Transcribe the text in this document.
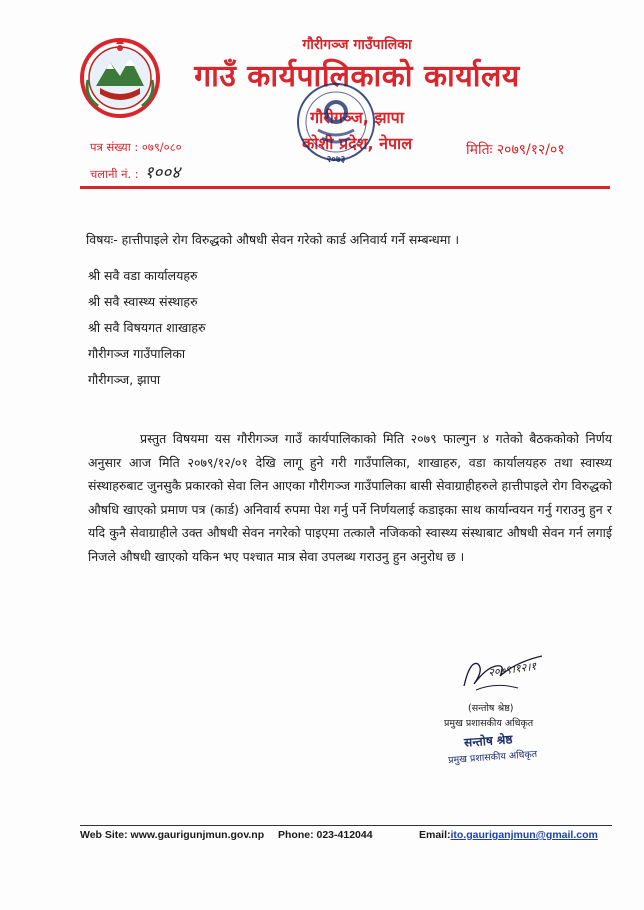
गौरीगञ्ज गाउँपालिका
गाउँ कार्यपालिकाको कार्यालय
गौरीगञ्ज, झापा
कोशी प्रदेश, नेपाल
पत्र संख्या : ०७९/०८०
चलानी नं. : १००४
मितिः २०७९/१२/०१
२०७३
विषयः- हात्तीपाइले रोग विरुद्धको औषधी सेवन गरेको कार्ड अनिवार्य गर्ने सम्बन्धमा ।
श्री सवै वडा कार्यालयहरु
श्री सवै स्वास्थ्य संस्थाहरु
श्री सवै विषयगत शाखाहरु
गौरीगञ्ज गाउँपालिका
गौरीगञ्ज, झापा
प्रस्तुत विषयमा यस गौरीगञ्ज गाउँ कार्यपालिकाको मिति २०७९ फाल्गुन ४ गतेको बैठककोको निर्णय अनुसार आज मिति २०७९/१२/०१ देखि लागू हुने गरी गाउँपालिका, शाखाहरु, वडा कार्यालयहरु तथा स्वास्थ्य संस्थाहरुबाट जुनसुकै प्रकारको सेवा लिन आएका गौरीगञ्ज गाउँपालिका बासी सेवाग्राहीहरुले हात्तीपाइले रोग विरुद्धको औषधि खाएको प्रमाण पत्र (कार्ड) अनिवार्य रुपमा पेश गर्नु पर्ने निर्णयलाई कडाइका साथ कार्यान्वयन गर्नु गराउनु हुन र यदि कुनै सेवाग्राहीले उक्त औषधी सेवन नगरेको पाइएमा तत्कालै नजिकको स्वास्थ्य संस्थाबाट औषधी सेवन गर्न लगाई निजले औषधी खाएको यकिन भए पश्चात मात्र सेवा उपलब्ध गराउनु हुन अनुरोध छ ।
२०७९।१२।१
(सन्तोष श्रेष्ठ)
प्रमुख प्रशासकीय अधिकृत
सन्तोष श्रेष्ठ
प्रमुख प्रशासकीय अधिकृत
Web Site: www.gaurigunjmun.gov.np Phone: 023-412044	Email:ito.gauriganjmun@gmail.com
